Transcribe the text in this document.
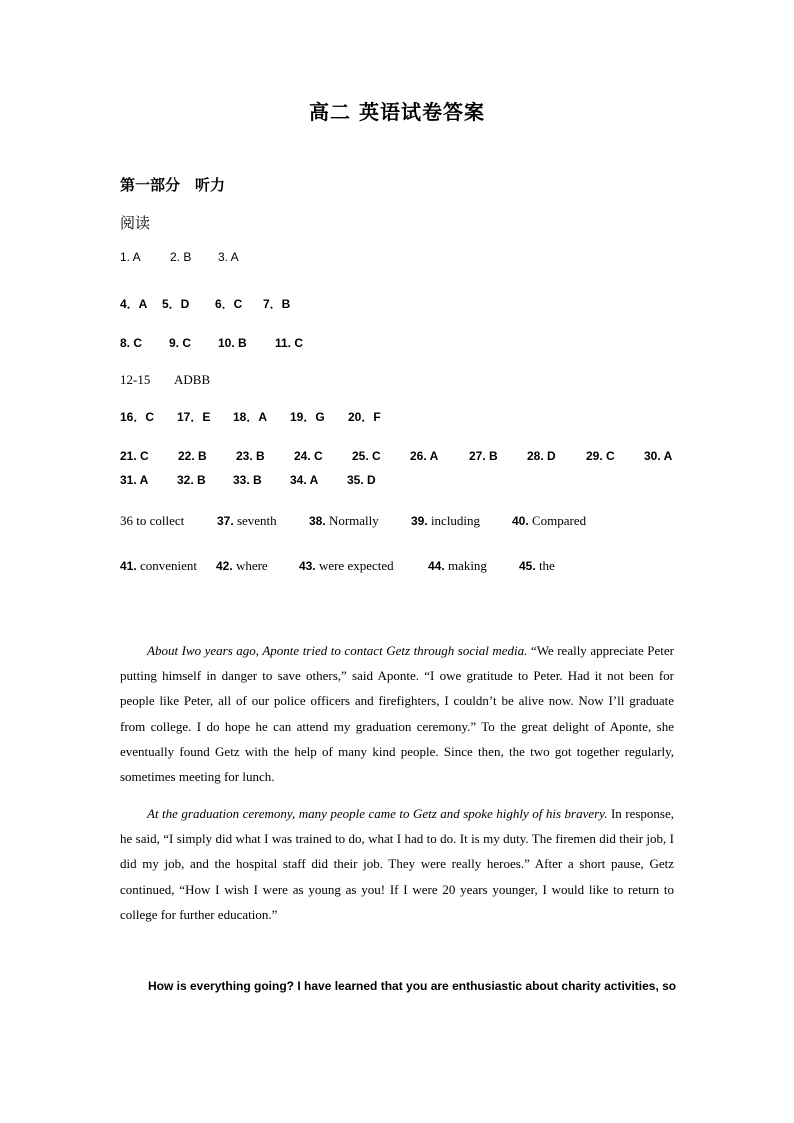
高二 英语试卷答案
第一部分　听力
阅读
1. A 2. B 3. A
4．A 5．D 6．C 7．B
8. C 9. C 10. B 11. C
12-15 ADBB
16．C 17．E 18．A 19．G 20．F
21. C 22. B 23. B 24. C 25. C 26. A	27. B 28. D	29. C 30. A
31. A 32. B 33. B 34. A 35. D
36 to collect	37. seventh	38. Normally	39. including	40. Compared
41. convenient 42. where	43. were expected	44. making	45. the

About Iwo years ago, Aponte tried to contact Getz through social media. “We really appreciate Peter putting himself in danger to save others,” said Aponte. “I owe gratitude to Peter. Had it not been for people like Peter, all of our police officers and firefighters, I couldn’t be alive now. Now I’ll graduate from college. I do hope he can attend my graduation ceremony.” To the great delight of Aponte, she eventually found Getz with the help of many kind people. Since then, the two got together regularly, sometimes meeting for lunch.

At the graduation ceremony, many people came to Getz and spoke highly of his bravery. In response, he said, “I simply did what I was trained to do, what I had to do. It is my duty. The firemen did their job, I did my job, and the hospital staff did their job. They were really heroes.” After a short pause, Getz continued, “How I wish I were as young as you! If I were 20 years younger, I would like to return to college for further education.”

How is everything going? I have learned that you are enthusiastic about charity activities, so
